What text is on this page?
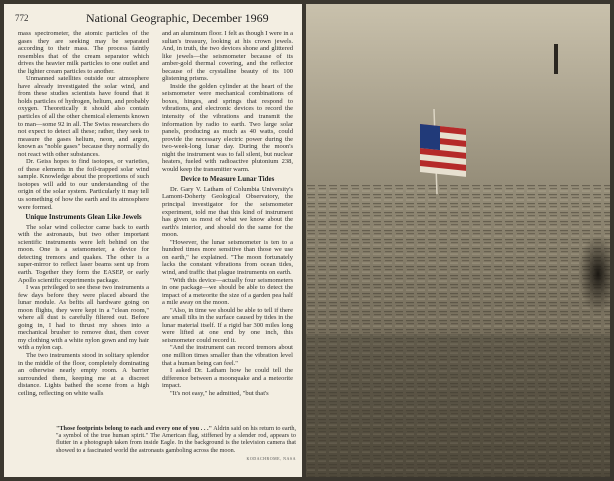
772	National Geographic, December 1969

mass spectrometer, the atomic particles of the gases they are seeking may be separated according to their mass. The process faintly resembles that of the cream separator which drives the heavier milk particles to one outlet and the lighter cream particles to another.

Unmanned satellites outside our atmosphere have already investigated the solar wind, and from these studies scientists have found that it holds particles of hydrogen, helium, and probably oxygen. Theoretically it should also contain particles of all the other chemical elements known to man—some 92 in all. The Swiss researchers do not expect to detect all these; rather, they seek to measure the gases helium, neon, and argon, known as "noble gases" because they normally do not react with other substances.

Dr. Geiss hopes to find isotopes, or varieties, of these elements in the foil-trapped solar wind sample. Knowledge about the proportions of such isotopes will add to our understanding of the origin of the solar system. Particularly it may tell us something of how the earth and its atmosphere were formed.

Unique Instruments Glean Like Jewels

The solar wind collector came back to earth with the astronauts, but two other important scientific instruments were left behind on the moon. One is a seismometer, a device for detecting tremors and quakes. The other is a super-mirror to reflect laser beams sent up from earth. Together they form the EASEP, or early Apollo scientific experiments package.

I was privileged to see these two instruments a few days before they were placed aboard the lunar module. As befits all hardware going on moon flights, they were kept in a "clean room," where all dust is carefully filtered out. Before going in, I had to thrust my shoes into a mechanical brusher to remove dust, then cover my clothing with a white nylon gown and my hair with a nylon cap.

The two instruments stood in solitary splendor in the middle of the floor, completely dominating an otherwise nearly empty room. A barrier surrounded them, keeping me at a discreet distance. Lights bathed the scene from a high ceiling, reflecting on white walls

and an aluminum floor. I felt as though I were in a sultan's treasury, looking at his crown jewels. And, in truth, the two devices shone and glittered like jewels—the seismometer because of its amber-gold thermal covering, and the reflector because of the crystalline beauty of its 100 glistening prisms.

Inside the golden cylinder at the heart of the seismometer were mechanical combinations of boxes, hinges, and springs that respond to vibrations, and electronic devices to record the intensity of the vibrations and transmit the information by radio to earth. Two large solar panels, producing as much as 40 watts, could provide the necessary electric power during the two-week-long lunar day. During the moon's night the instrument was to fall silent, but nuclear heaters, fueled with radioactive plutonium 238, would keep the transmitter warm.

Device to Measure Lunar Tides

Dr. Gary V. Latham of Columbia University's Lamont-Doherty Geological Observatory, the principal investigator for the seismometer experiment, told me that this kind of instrument has given us most of what we know about the earth's interior, and should do the same for the moon.

"However, the lunar seismometer is ten to a hundred times more sensitive than those we use on earth," he explained. "The moon fortunately lacks the constant vibrations from ocean tides, wind, and traffic that plague instruments on earth.

"With this device—actually four seismometers in one package—we should be able to detect the impact of a meteorite the size of a garden pea half a mile away on the moon.

"Also, in time we should be able to tell if there are small tilts in the surface caused by tides in the lunar material itself. If a rigid bar 300 miles long were lifted at one end by one inch, this seismometer could record it.

"And the instrument can record tremors about one million times smaller than the vibration level that a human being can feel."

I asked Dr. Latham how he could tell the difference between a moonquake and a meteorite impact.

"It's not easy," he admitted, "but that's

"Those footprints belong to each and every one of you . . ." Aldrin said on his return to earth, "a symbol of the true human spirit." The American flag, stiffened by a slender rod, appears to flutter in a photograph taken from inside Eagle. In the background is the television camera that showed to a fascinated world the astronauts gamboling across the moon.
KODACHROME, NASA
